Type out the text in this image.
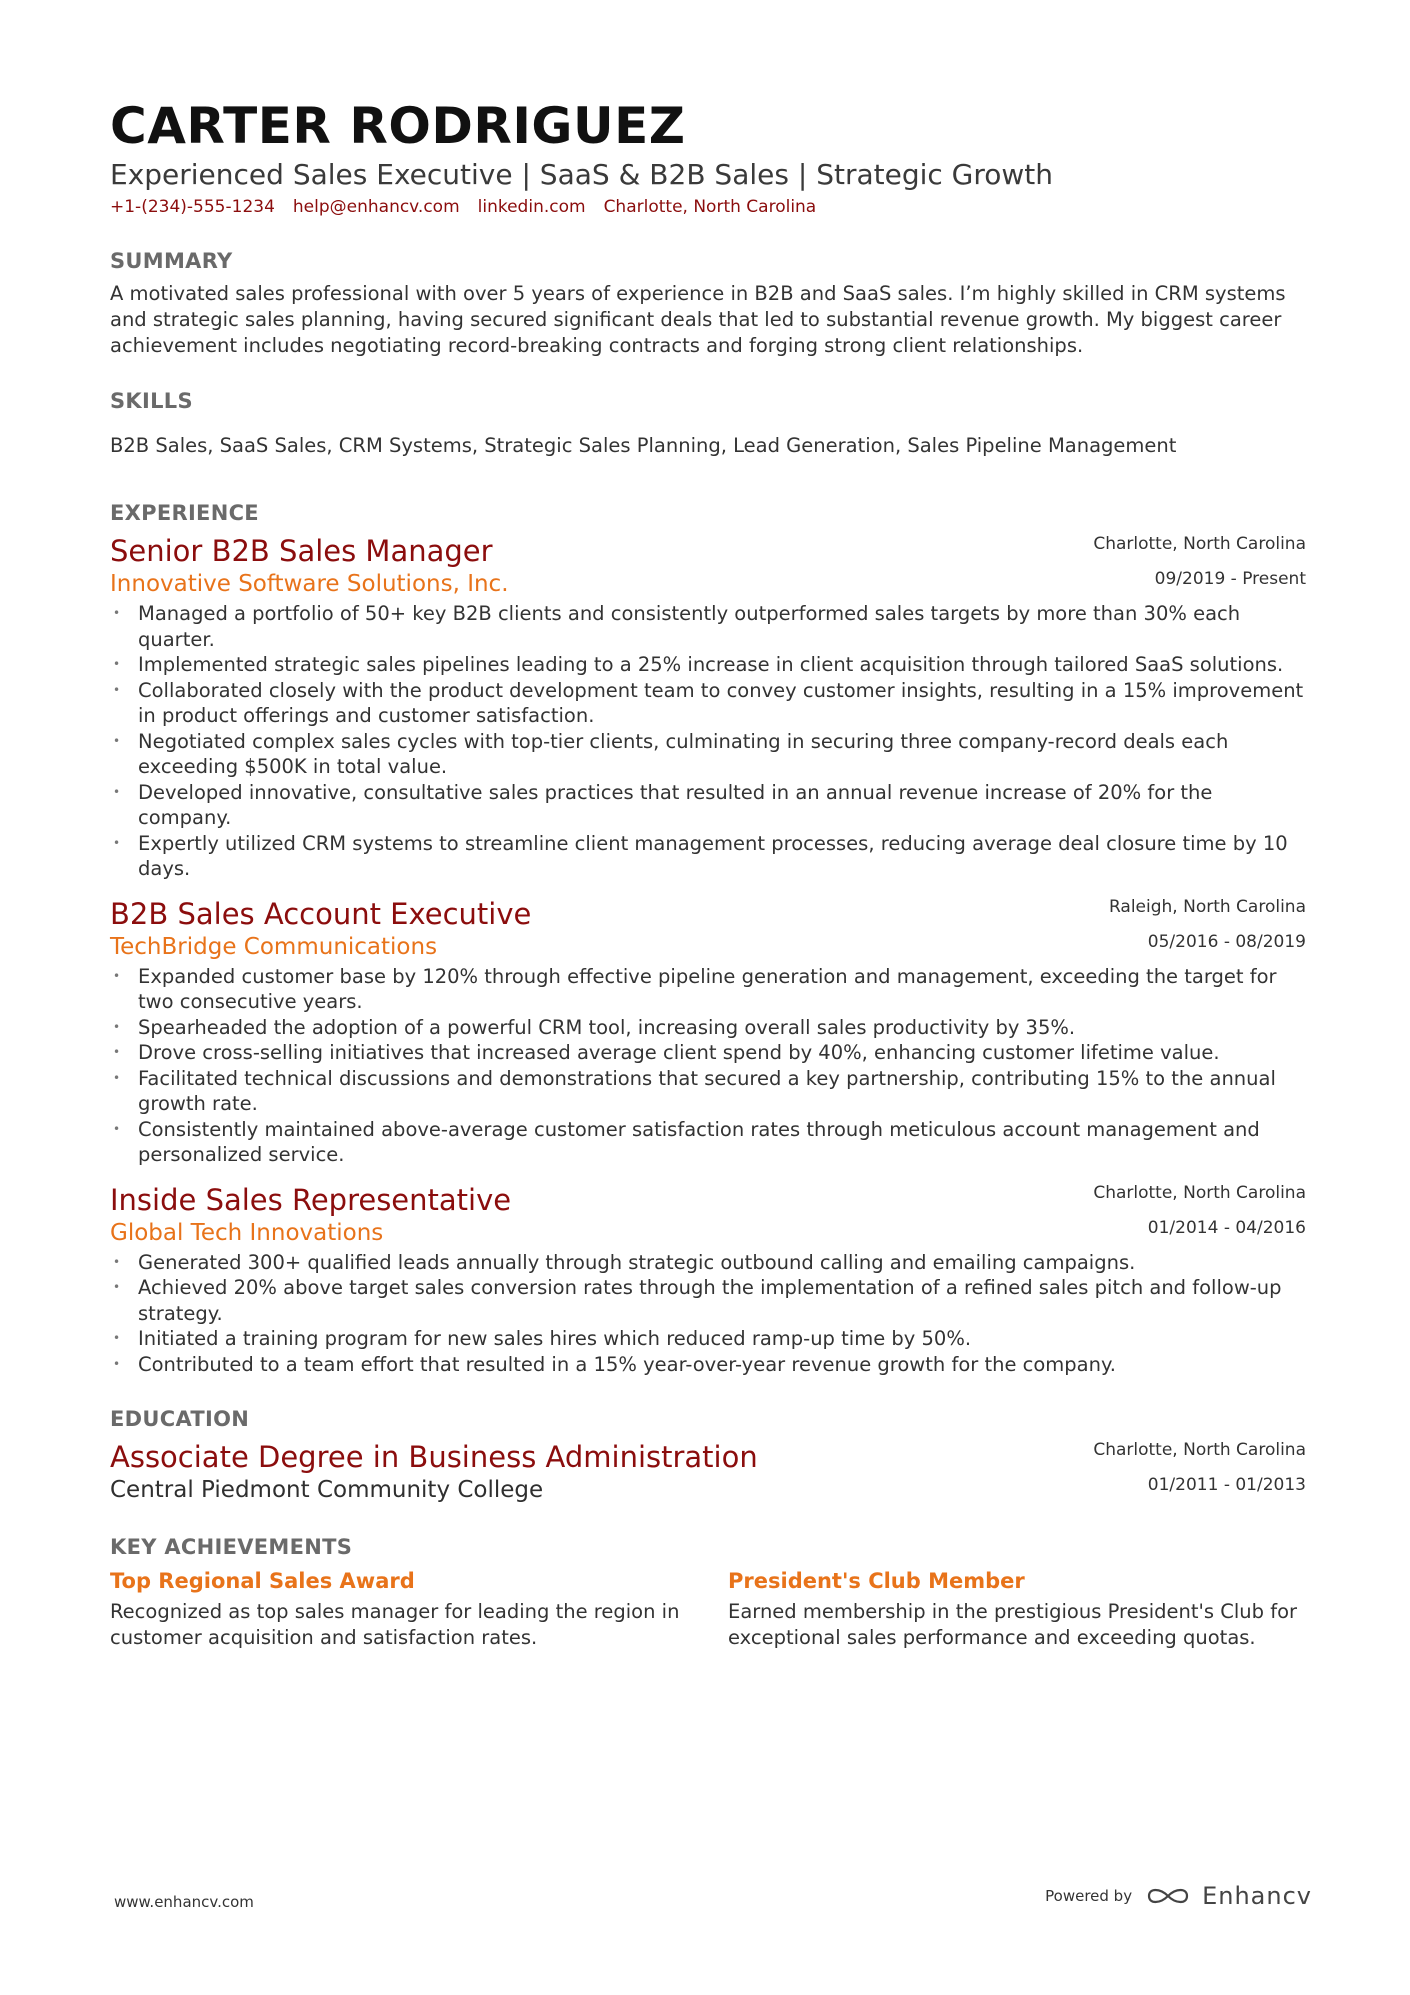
CARTER RODRIGUEZ
Experienced Sales Executive | SaaS & B2B Sales | Strategic Growth
+1-(234)-555-1234 help@enhancv.com linkedin.com Charlotte, North Carolina
SUMMARY
A motivated sales professional with over 5 years of experience in B2B and SaaS sales. I’m highly skilled in CRM systems and strategic sales planning, having secured significant deals that led to substantial revenue growth. My biggest career achievement includes negotiating record-breaking contracts and forging strong client relationships.
SKILLS
B2B Sales, SaaS Sales, CRM Systems, Strategic Sales Planning, Lead Generation, Sales Pipeline Management
EXPERIENCE
Senior B2B Sales Manager
Innovative Software Solutions, Inc.
Charlotte, North Carolina
09/2019 - Present
• Managed a portfolio of 50+ key B2B clients and consistently outperformed sales targets by more than 30% each quarter.
• Implemented strategic sales pipelines leading to a 25% increase in client acquisition through tailored SaaS solutions.
• Collaborated closely with the product development team to convey customer insights, resulting in a 15% improvement in product offerings and customer satisfaction.
• Negotiated complex sales cycles with top-tier clients, culminating in securing three company-record deals each exceeding $500K in total value.
• Developed innovative, consultative sales practices that resulted in an annual revenue increase of 20% for the company.
• Expertly utilized CRM systems to streamline client management processes, reducing average deal closure time by 10 days.
B2B Sales Account Executive
TechBridge Communications
Raleigh, North Carolina
05/2016 - 08/2019
• Expanded customer base by 120% through effective pipeline generation and management, exceeding the target for two consecutive years.
• Spearheaded the adoption of a powerful CRM tool, increasing overall sales productivity by 35%.
• Drove cross-selling initiatives that increased average client spend by 40%, enhancing customer lifetime value.
• Facilitated technical discussions and demonstrations that secured a key partnership, contributing 15% to the annual growth rate.
• Consistently maintained above-average customer satisfaction rates through meticulous account management and personalized service.
Inside Sales Representative
Global Tech Innovations
Charlotte, North Carolina
01/2014 - 04/2016
• Generated 300+ qualified leads annually through strategic outbound calling and emailing campaigns.
• Achieved 20% above target sales conversion rates through the implementation of a refined sales pitch and follow-up strategy.
• Initiated a training program for new sales hires which reduced ramp-up time by 50%.
• Contributed to a team effort that resulted in a 15% year-over-year revenue growth for the company.
EDUCATION
Associate Degree in Business Administration
Central Piedmont Community College
Charlotte, North Carolina
01/2011 - 01/2013
KEY ACHIEVEMENTS
Top Regional Sales Award
Recognized as top sales manager for leading the region in customer acquisition and satisfaction rates.
President's Club Member
Earned membership in the prestigious President's Club for exceptional sales performance and exceeding quotas.
www.enhancv.com	Powered by	Enhancv
